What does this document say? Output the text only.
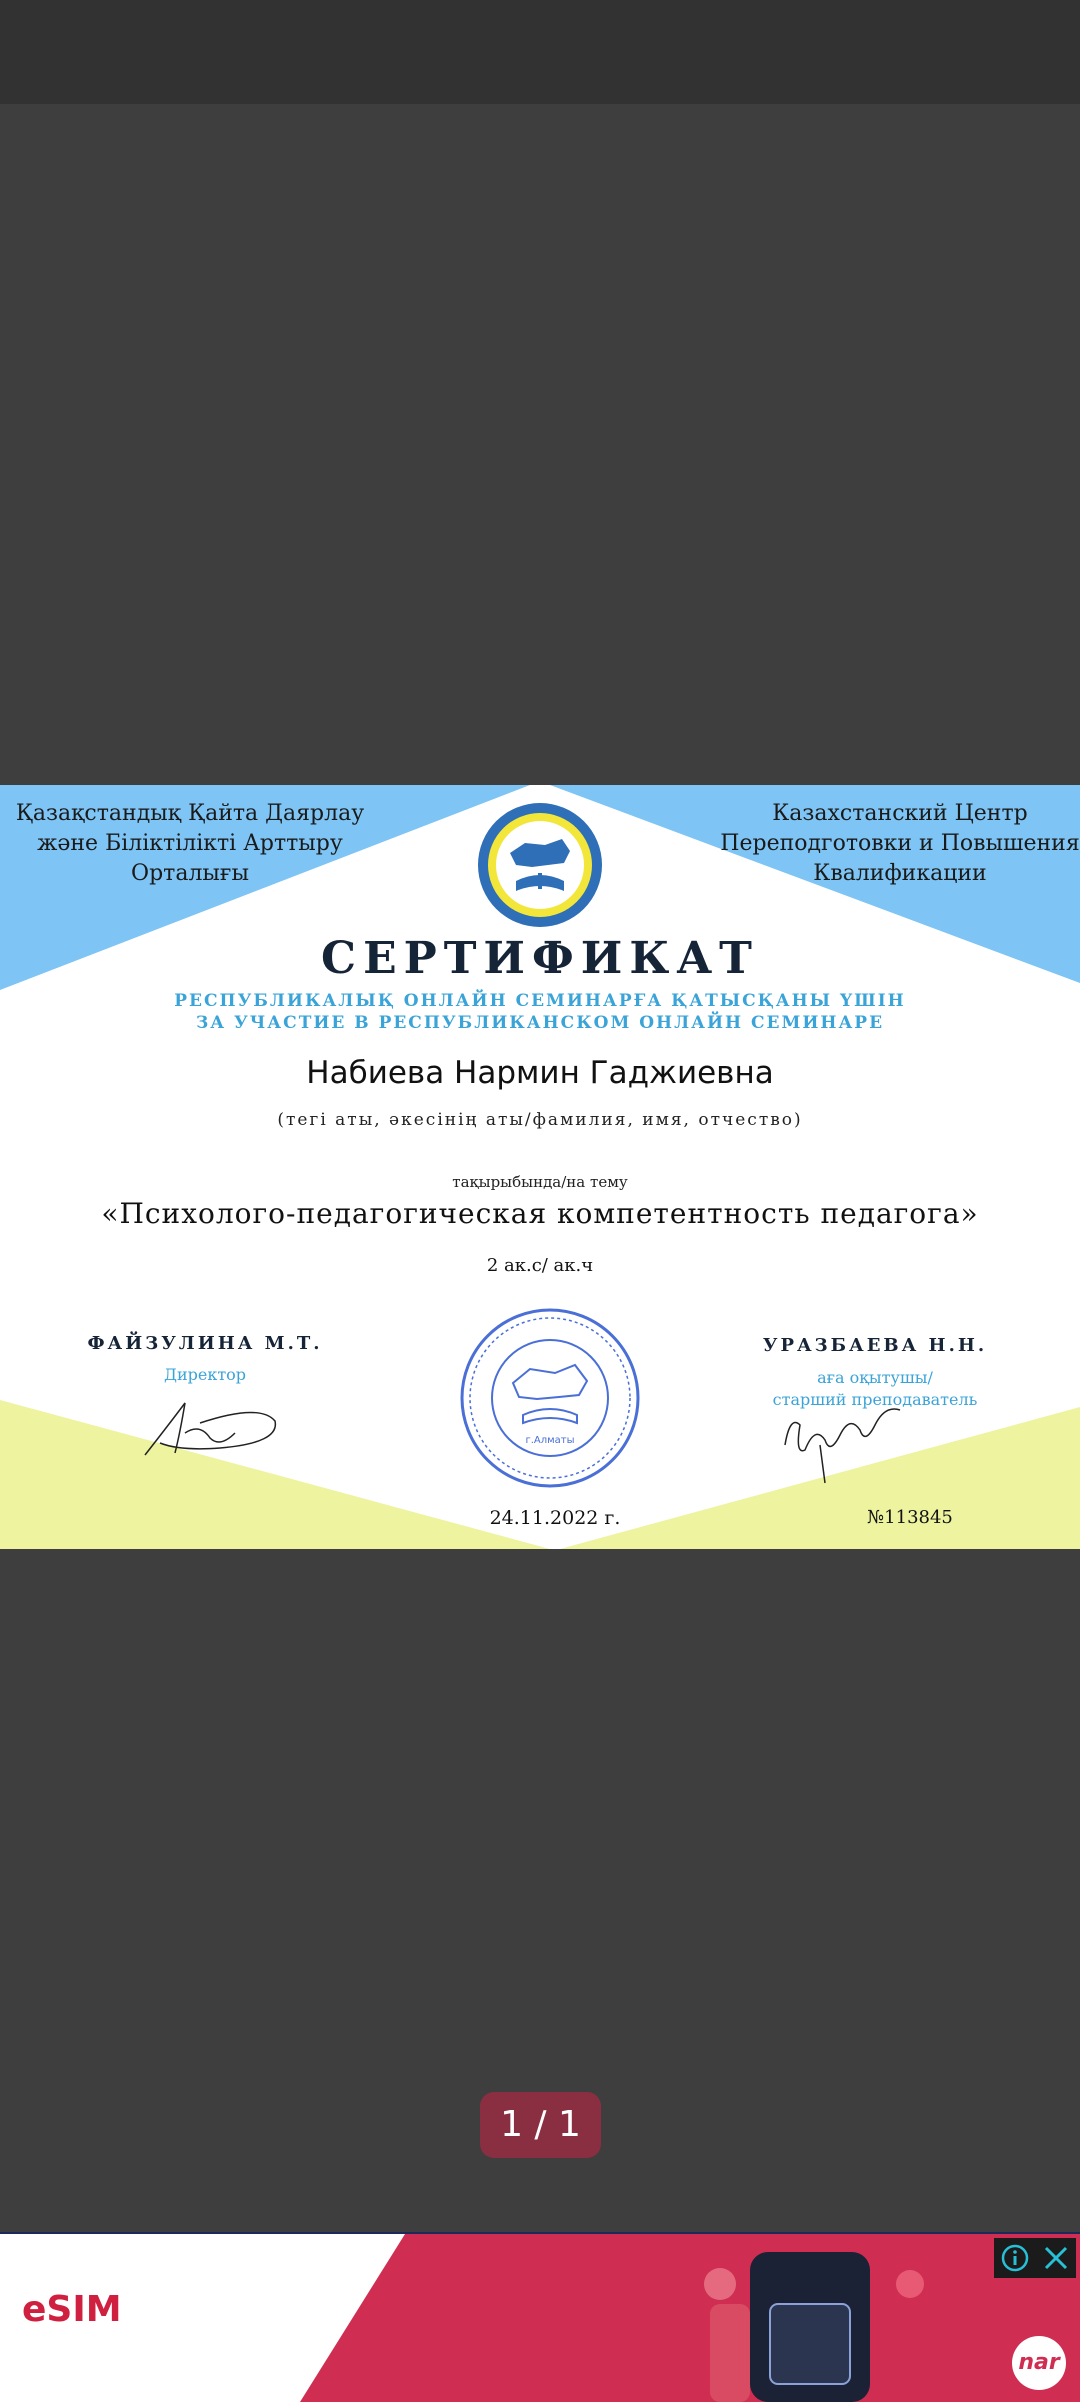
Қазақстандық Қайта Даярлау
және Біліктілікті Арттыру
Орталығы
Казахстанский Центр
Переподготовки и Повышения
Квалификации
СЕРТИФИКАТ
РЕСПУБЛИКАЛЫҚ ОНЛАЙН СЕМИНАРҒА ҚАТЫСҚАНЫ ҮШІН
ЗА УЧАСТИЕ В РЕСПУБЛИКАНСКОМ ОНЛАЙН СЕМИНАРЕ
Набиева Нармин Гаджиевна
(тегі аты, әкесінің аты/фамилия, имя, отчество)
тақырыбында/на тему
«Психолого-педагогическая компетентность педагога»
2 ак.с/ ак.ч
ФАЙЗУЛИНА М.Т.
Директор
УРАЗБАЕВА Н.Н.
аға оқытушы/
старший преподаватель
г.Алматы
24.11.2022 г.	№113845
1 / 1
eSIM
nar
